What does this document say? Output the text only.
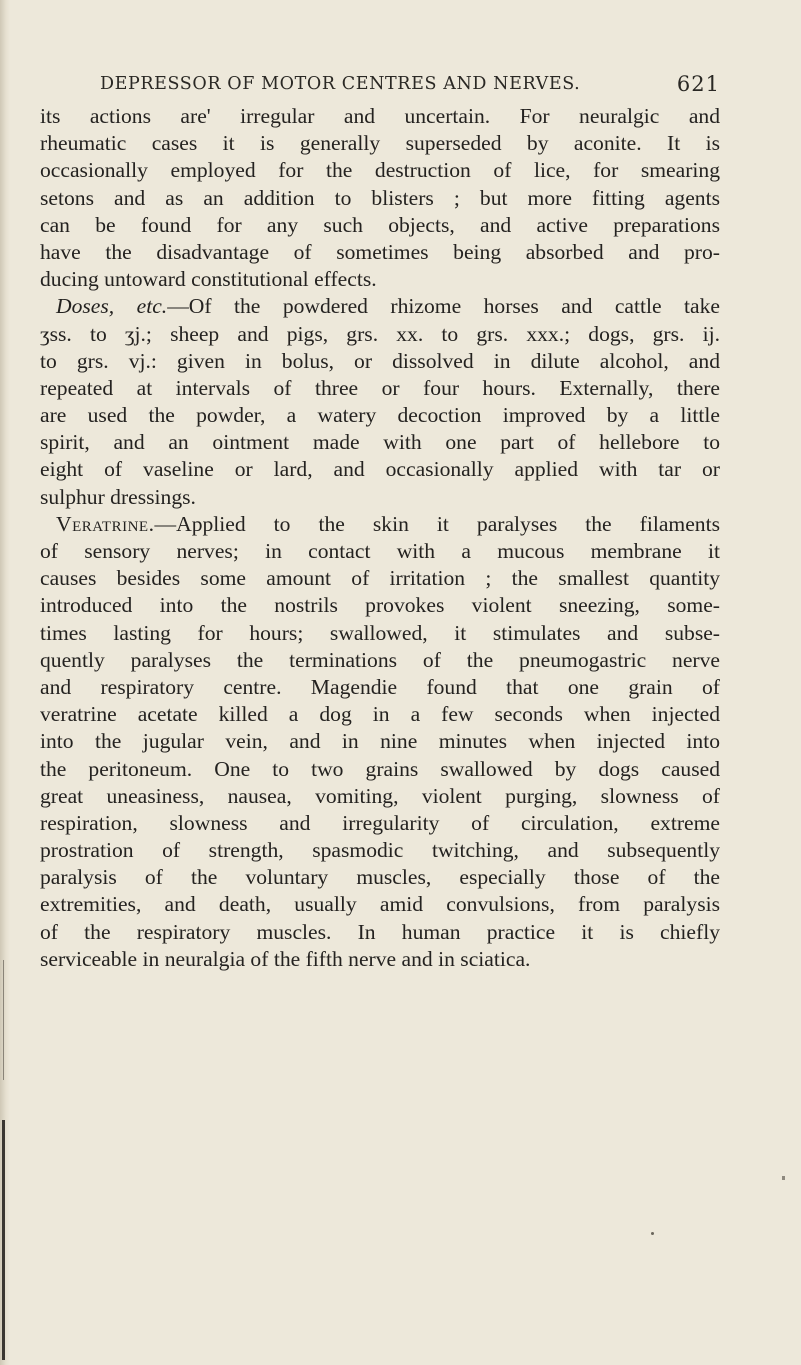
DEPRESSOR OF MOTOR CENTRES AND NERVES.	621
its actions are' irregular and uncertain. For neuralgic and
rheumatic cases it is generally superseded by aconite. It is
occasionally employed for the destruction of lice, for smearing
setons and as an addition to blisters ; but more fitting agents
can be found for any such objects, and active preparations
have the disadvantage of sometimes being absorbed and pro-
ducing untoward constitutional effects.
Doses, etc.—Of the powdered rhizome horses and cattle take
ʒss. to ʒj.; sheep and pigs, grs. xx. to grs. xxx.; dogs, grs. ij.
to grs. vj.: given in bolus, or dissolved in dilute alcohol, and
repeated at intervals of three or four hours. Externally, there
are used the powder, a watery decoction improved by a little
spirit, and an ointment made with one part of hellebore to
eight of vaseline or lard, and occasionally applied with tar or
sulphur dressings.
Veratrine.—Applied to the skin it paralyses the filaments
of sensory nerves; in contact with a mucous membrane it
causes besides some amount of irritation ; the smallest quantity
introduced into the nostrils provokes violent sneezing, some-
times lasting for hours; swallowed, it stimulates and subse-
quently paralyses the terminations of the pneumogastric nerve
and respiratory centre. Magendie found that one grain of
veratrine acetate killed a dog in a few seconds when injected
into the jugular vein, and in nine minutes when injected into
the peritoneum. One to two grains swallowed by dogs caused
great uneasiness, nausea, vomiting, violent purging, slowness of
respiration, slowness and irregularity of circulation, extreme
prostration of strength, spasmodic twitching, and subsequently
paralysis of the voluntary muscles, especially those of the
extremities, and death, usually amid convulsions, from paralysis
of the respiratory muscles. In human practice it is chiefly
serviceable in neuralgia of the fifth nerve and in sciatica.
